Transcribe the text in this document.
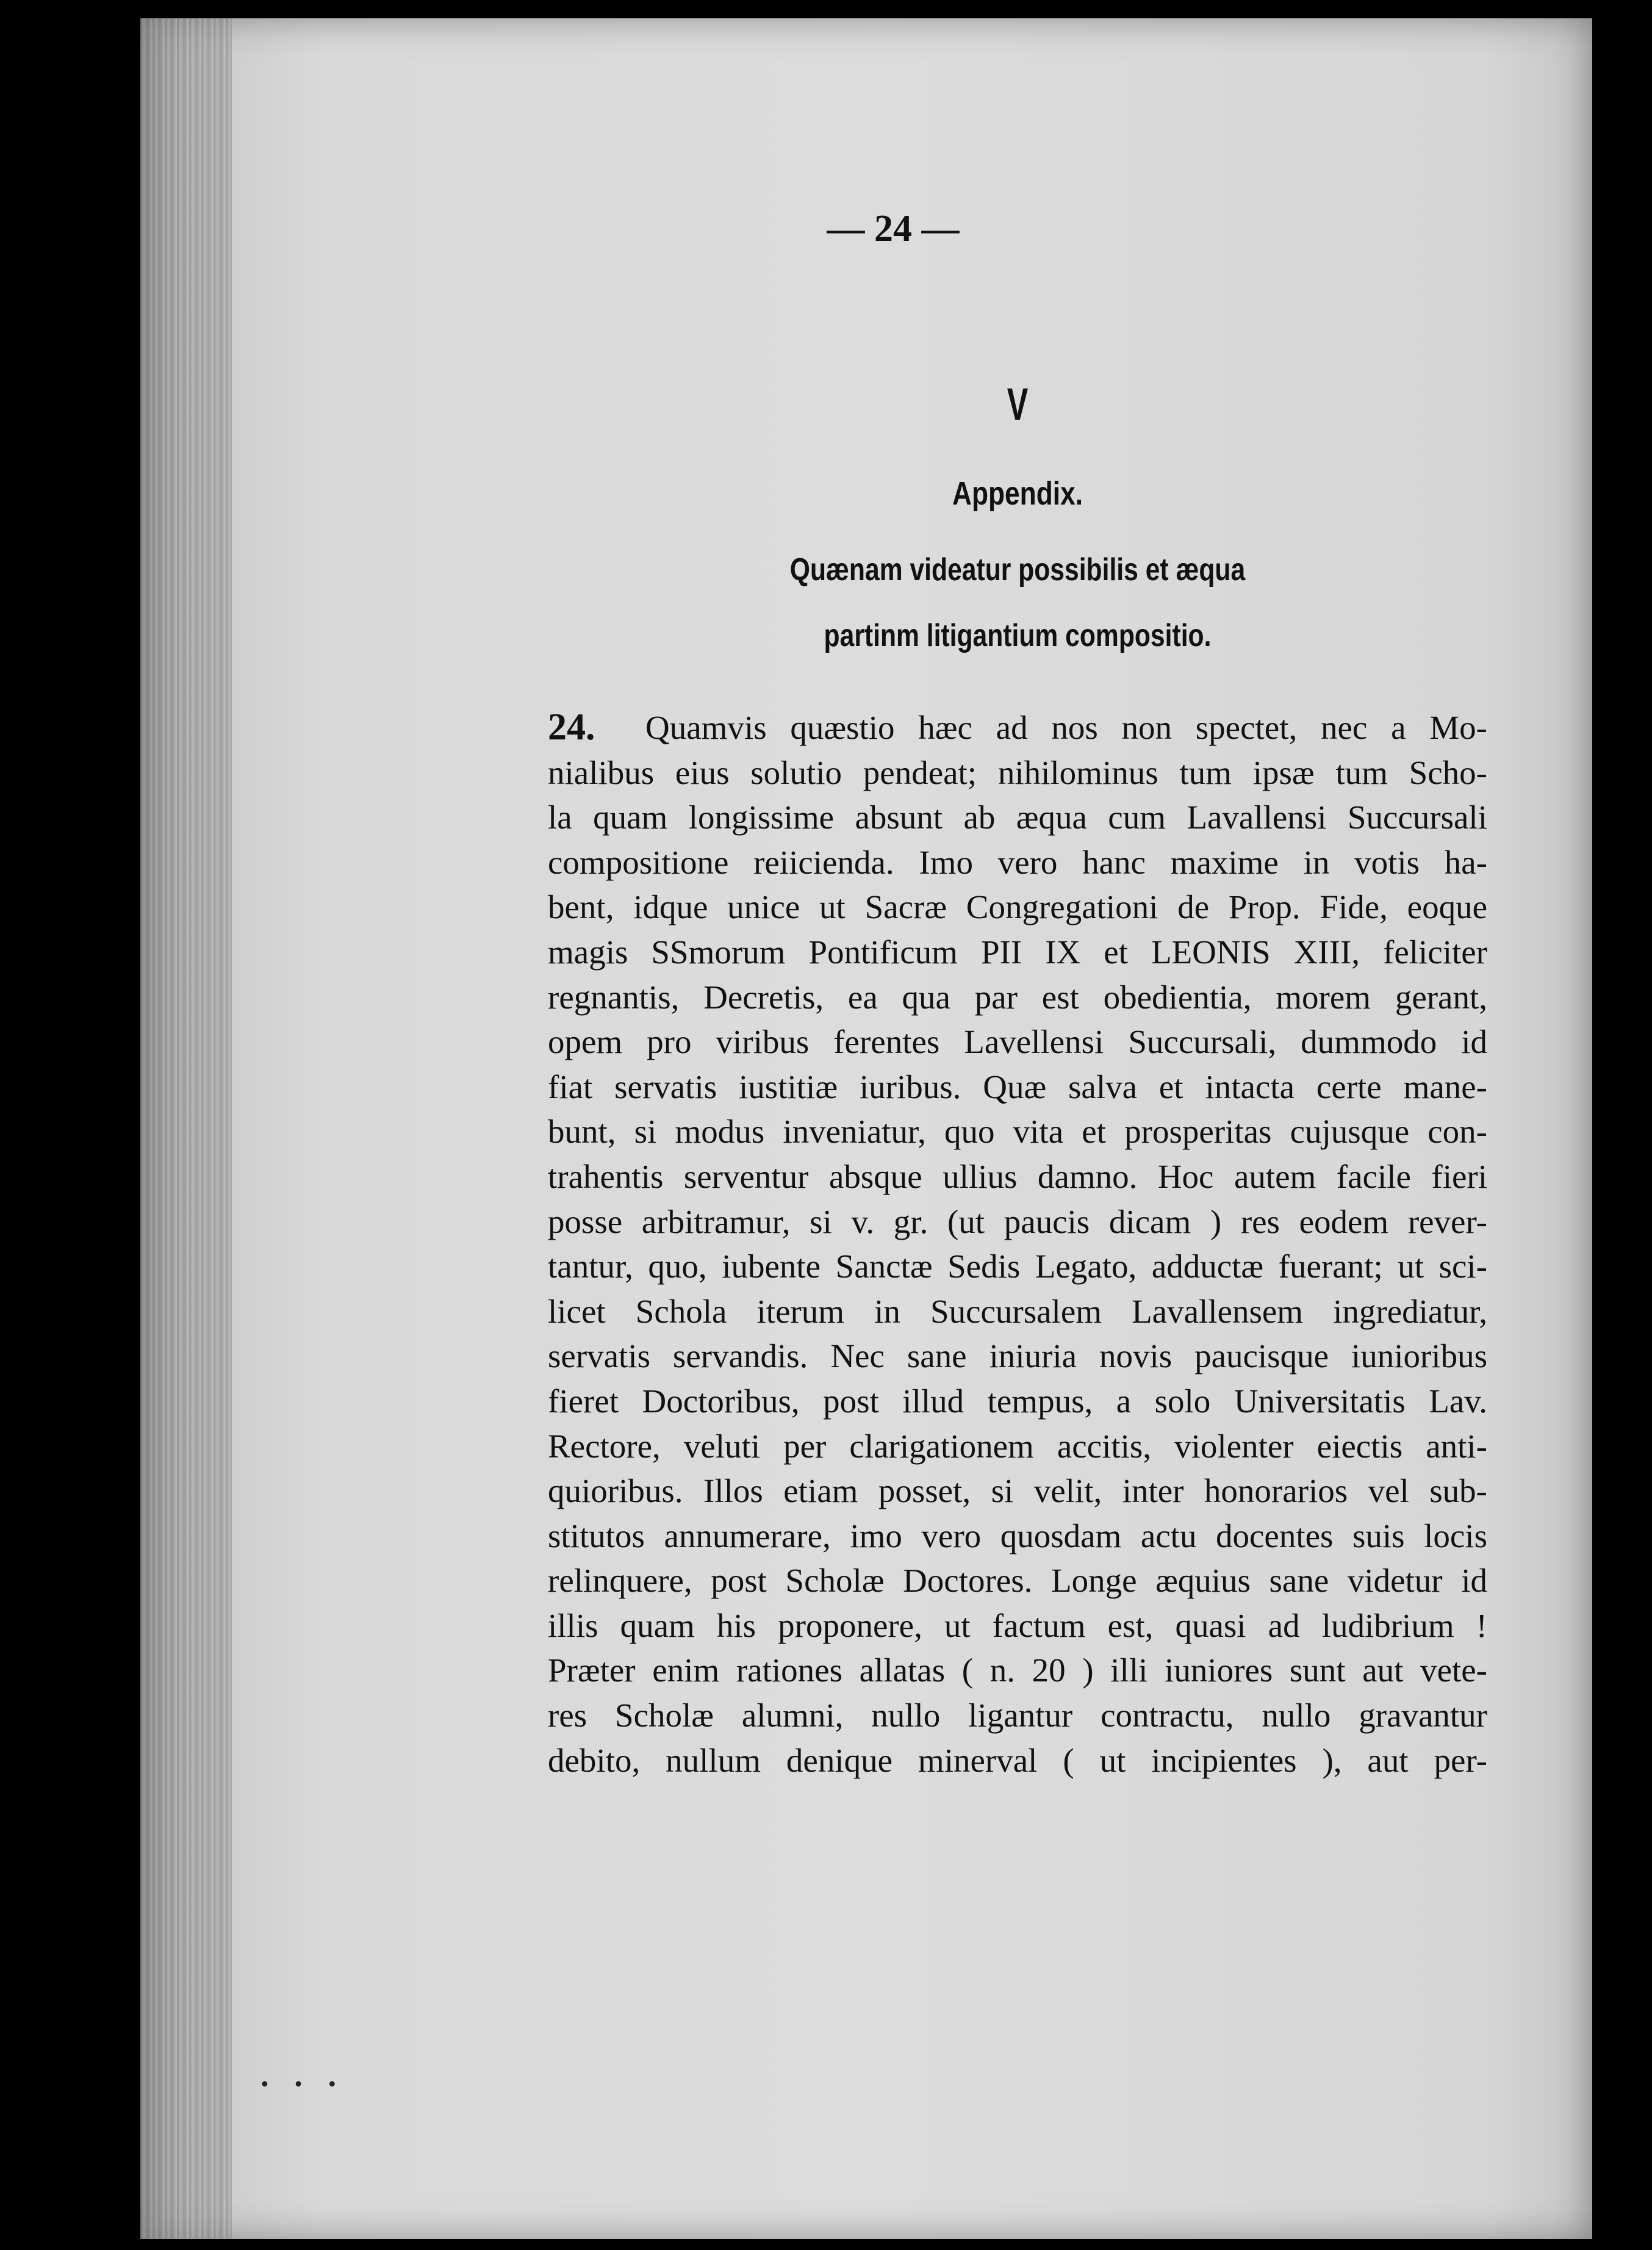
— 24 —
V
Appendix.
Quænam videatur possibilis et æqua
partinm litigantium compositio.
24. Quamvis quæstio hæc ad nos non spectet, nec a Mo-
nialibus eius solutio pendeat; nihilominus tum ipsæ tum Scho-
la quam longissime absunt ab æqua cum Lavallensi Succursali
compositione reiicienda. Imo vero hanc maxime in votis ha-
bent, idque unice ut Sacræ Congregationi de Prop. Fide, eoque
magis SSmorum Pontificum PII IX et LEONIS XIII, feliciter
regnantis, Decretis, ea qua par est obedientia, morem gerant,
opem pro viribus ferentes Lavellensi Succursali, dummodo id
fiat servatis iustitiæ iuribus. Quæ salva et intacta certe mane-
bunt, si modus inveniatur, quo vita et prosperitas cujusque con-
trahentis serventur absque ullius damno. Hoc autem facile fieri
posse arbitramur, si v. gr. (ut paucis dicam ) res eodem rever-
tantur, quo, iubente Sanctæ Sedis Legato, adductæ fuerant; ut sci-
licet Schola iterum in Succursalem Lavallensem ingrediatur,
servatis servandis. Nec sane iniuria novis paucisque iunioribus
fieret Doctoribus, post illud tempus, a solo Universitatis Lav.
Rectore, veluti per clarigationem accitis, violenter eiectis anti-
quioribus. Illos etiam posset, si velit, inter honorarios vel sub-
stitutos annumerare, imo vero quosdam actu docentes suis locis
relinquere, post Scholæ Doctores. Longe æquius sane videtur id
illis quam his proponere, ut factum est, quasi ad ludibrium !
Præter enim rationes allatas ( n. 20 ) illi iuniores sunt aut vete-
res Scholæ alumni, nullo ligantur contractu, nullo gravantur
debito, nullum denique minerval ( ut incipientes ), aut per-
• • •
